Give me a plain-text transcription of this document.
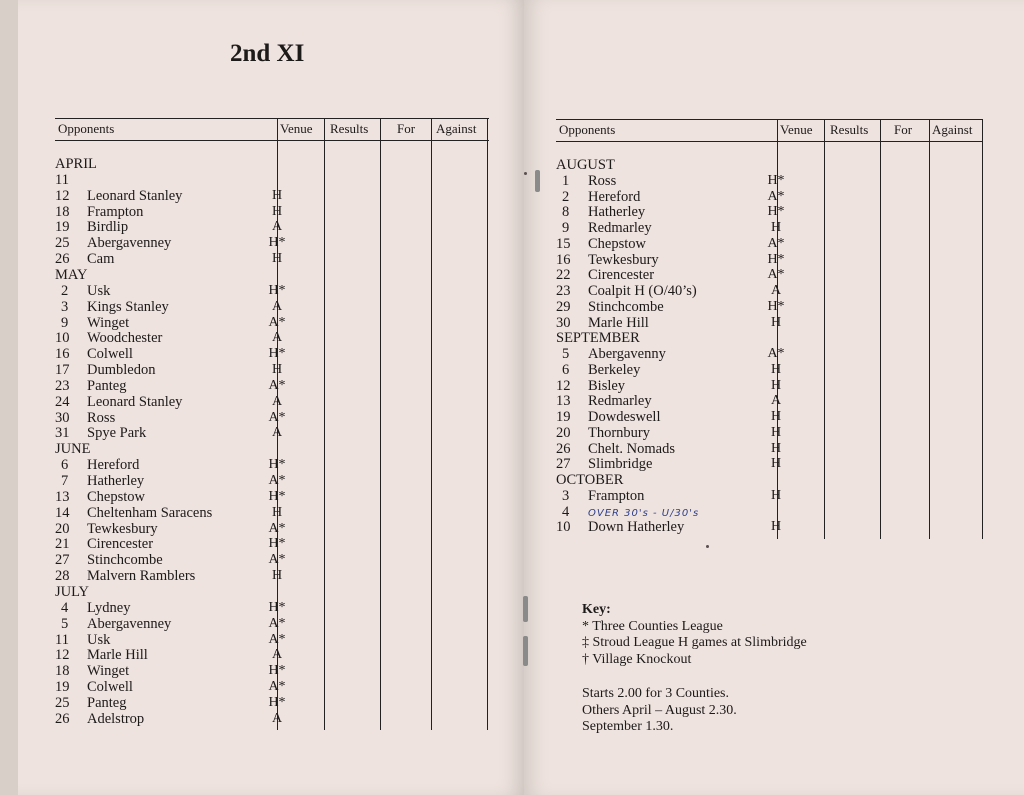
2nd XI
Opponents	Venue Results For Against
APRIL
11
12 Leonard Stanley	H
18 Frampton	H
19 Birdlip	A
25 Abergavenney	H*
26 Cam	H
MAY
2 Usk	H*
3 Kings Stanley	A
9 Winget	A*
10 Woodchester	A
16 Colwell	H*
17 Dumbledon	H
23 Panteg	A*
24 Leonard Stanley	A
30 Ross	A*
31 Spye Park	A
JUNE
6 Hereford	H*
7 Hatherley	A*
13 Chepstow	H*
14 Cheltenham Saracens	H
20 Tewkesbury	A*
21 Cirencester	H*
27 Stinchcombe	A*
28 Malvern Ramblers	H
JULY
4 Lydney	H*
5 Abergavenney	A*
11 Usk	A*
12 Marle Hill	A
18 Winget	H*
19 Colwell	A*
25 Panteg	H*
26 Adelstrop	A
Opponents	Venue Results For Against
AUGUST
1 Ross	H*
2 Hereford	A*
8 Hatherley	H*
9 Redmarley	H
15 Chepstow	A*
16 Tewkesbury	H*
22 Cirencester	A*
23 Coalpit H (O/40’s)	A
29 Stinchcombe	H*
30 Marle Hill	H
SEPTEMBER
5 Abergavenny	A*
6 Berkeley	H
12 Bisley	H
13 Redmarley	A
19 Dowdeswell	H
20 Thornbury	H
26 Chelt. Nomads	H
27 Slimbridge	H
OCTOBER
3 Frampton	H
4 OVER 30's - U/30's
10 Down Hatherley	H
Key:
* Three Counties League
‡ Stroud League H games at Slimbridge
† Village Knockout
Starts 2.00 for 3 Counties.
Others April – August 2.30.
September 1.30.
